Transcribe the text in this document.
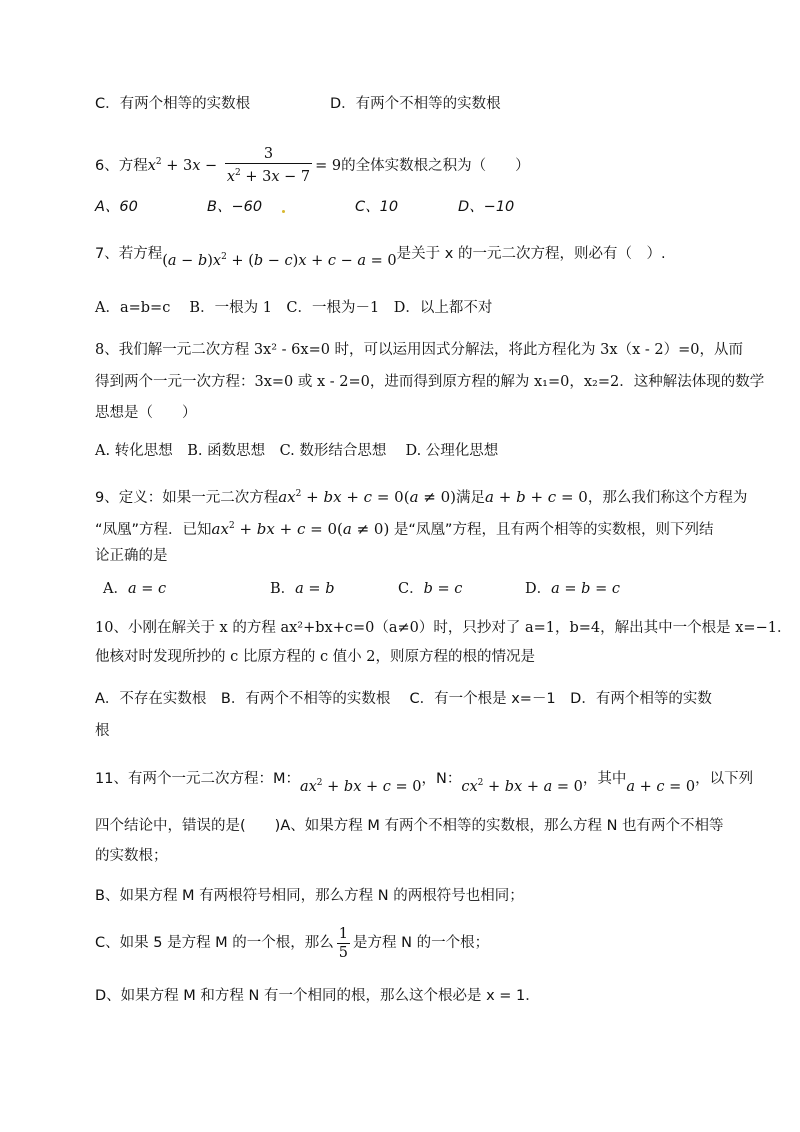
C．有两个相等的实数根	D．有两个不相等的实数根
6、方程$x^2 + 3x - \frac{3}{x^2 + 3x - 7} = 9$的全体实数根之积为（　　）
A、60	B、−60	C、10	D、−10
7、若方程$(a - b)x^2 + (b - c)x + c - a = 0$是关于 x 的一元二次方程，则必有（　）.
A．a=b=c　 B．一根为 1　C．一根为－1　D．以上都不对
8、我们解一元二次方程 3x² - 6x=0 时，可以运用因式分解法，将此方程化为 3x（x - 2）=0，从而
得到两个一元一次方程：3x=0 或 x - 2=0，进而得到原方程的解为 x₁=0，x₂=2．这种解法体现的数学
思想是（　　）
A. 转化思想　B. 函数思想　C. 数形结合思想　 D. 公理化思想
9、定义：如果一元二次方程$ax^2$ + bx + c = 0(a ≠ 0)满足a + b + c = 0，那么我们称这个方程为
“凤凰”方程．已知$ax^2$ + bx + c = 0(a ≠ 0) 是“凤凰”方程，且有两个相等的实数根，则下列结
论正确的是
A．a = c	B．a = b	C．b = c	D．a = b = c
10、小刚在解关于 x 的方程 ax²+bx+c=0（a≠0）时，只抄对了 a=1，b=4，解出其中一个根是 x=−1．
他核对时发现所抄的 c 比原方程的 c 值小 2，则原方程的根的情况是
A．不存在实数根　B．有两个不相等的实数根　 C．有一个根是 x=－1　D．有两个相等的实数
根
11、有两个一元二次方程：M：$ax^2$ + bx + c = 0，N：$cx^2$ + bx + a = 0，其中a + c = 0，以下列
四个结论中，错误的是(　　)A、如果方程 M 有两个不相等的实数根，那么方程 N 也有两个不相等
的实数根；
B、如果方程 M 有两根符号相同，那么方程 N 的两根符号也相同；
C、如果 5 是方程 M 的一个根，那么 $\frac{1}{5}$ 是方程 N 的一个根；
D、如果方程 M 和方程 N 有一个相同的根，那么这个根必是 x = 1．
